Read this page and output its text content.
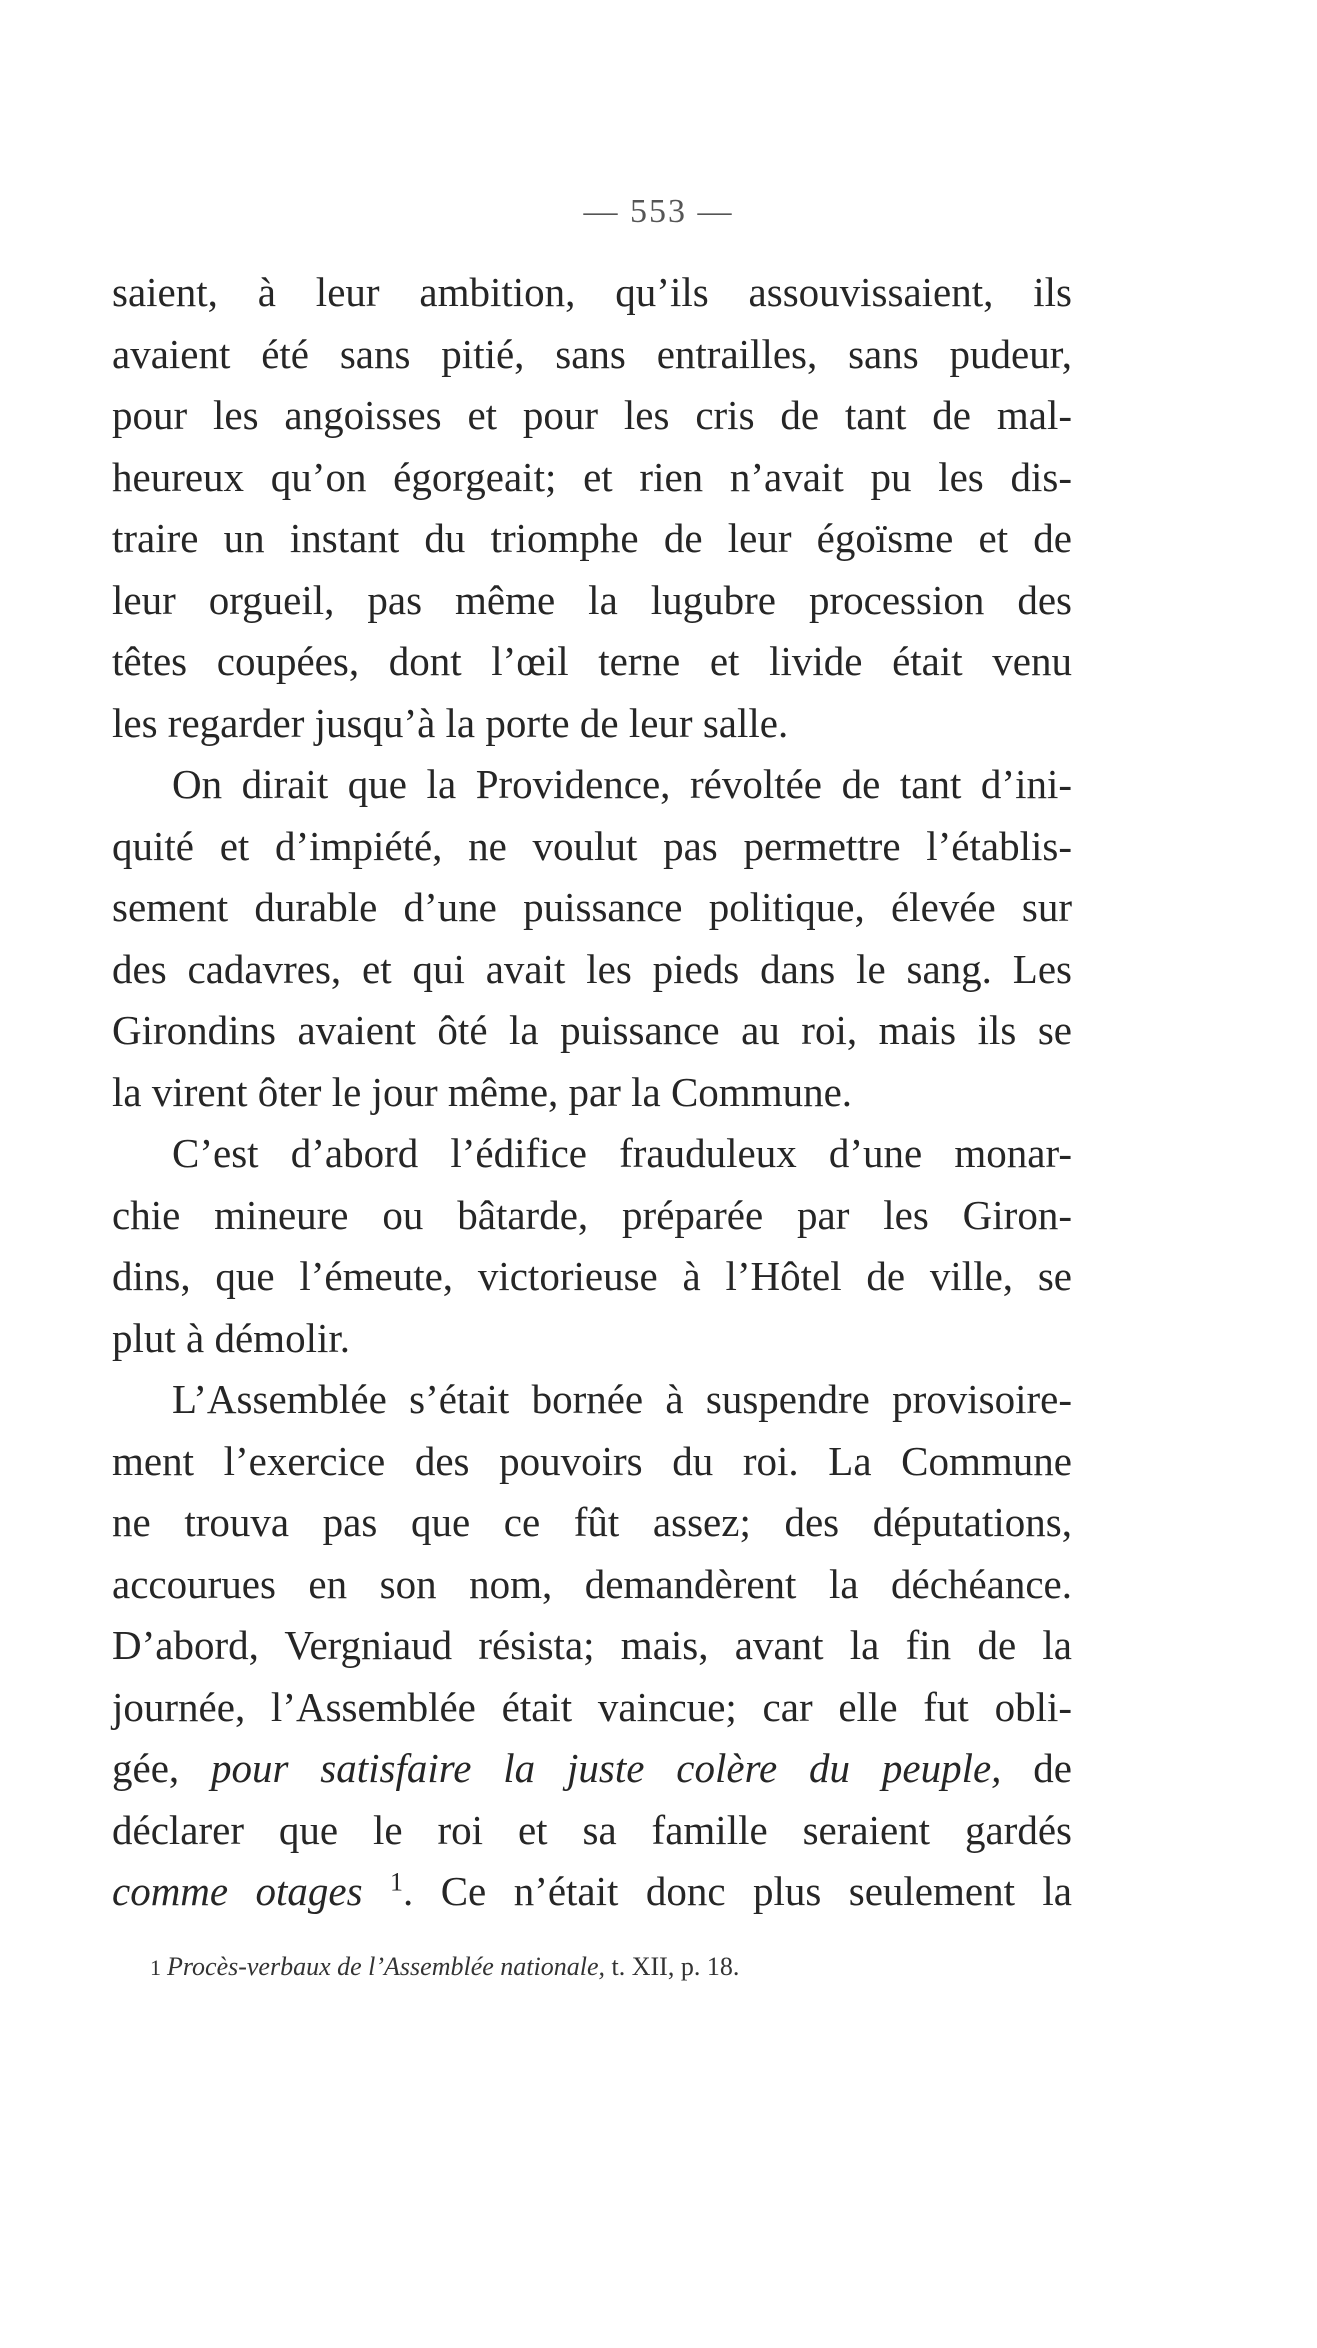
— 553 —
saient, à leur ambition, qu’ils assouvissaient, ils
avaient été sans pitié, sans entrailles, sans pudeur,
pour les angoisses et pour les cris de tant de mal-
heureux qu’on égorgeait; et rien n’avait pu les dis-
traire un instant du triomphe de leur égoïsme et de
leur orgueil, pas même la lugubre procession des
têtes coupées, dont l’œil terne et livide était venu
les regarder jusqu’à la porte de leur salle.
On dirait que la Providence, révoltée de tant d’ini-
quité et d’impiété, ne voulut pas permettre l’établis-
sement durable d’une puissance politique, élevée sur
des cadavres, et qui avait les pieds dans le sang. Les
Girondins avaient ôté la puissance au roi, mais ils se
la virent ôter le jour même, par la Commune.
C’est d’abord l’édifice frauduleux d’une monar-
chie mineure ou bâtarde, préparée par les Giron-
dins, que l’émeute, victorieuse à l’Hôtel de ville, se
plut à démolir.
L’Assemblée s’était bornée à suspendre provisoire-
ment l’exercice des pouvoirs du roi. La Commune
ne trouva pas que ce fût assez; des députations,
accourues en son nom, demandèrent la déchéance.
D’abord, Vergniaud résista; mais, avant la fin de la
journée, l’Assemblée était vaincue; car elle fut obli-
gée, pour satisfaire la juste colère du peuple, de
déclarer que le roi et sa famille seraient gardés
comme otages $^1$. Ce n’était donc plus seulement la
1 Procès-verbaux de l’Assemblée nationale, t. XII, p. 18.
